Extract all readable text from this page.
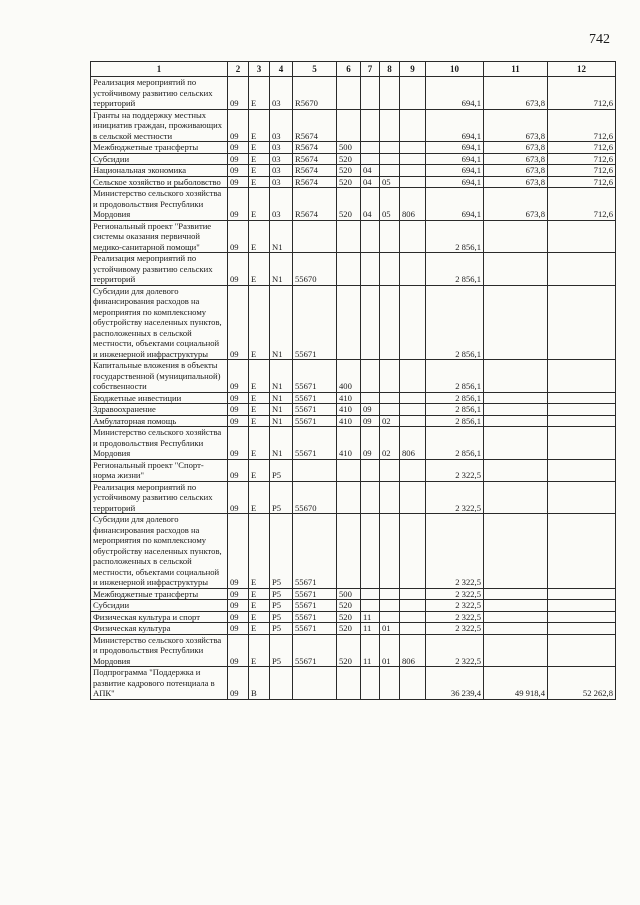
742
1	2	3	4	5	6	7	8	9	10	11	12
Реализация мероприятий по устойчивому развитию сельских территорий	09	E	03	R5670					694,1	673,8	712,6
Гранты на поддержку местных инициатив граждан, проживающих в сельской местности	09	E	03	R5674					694,1	673,8	712,6
Межбюджетные трансферты	09	E	03	R5674	500				694,1	673,8	712,6
Субсидии	09	E	03	R5674	520				694,1	673,8	712,6
Национальная экономика	09	E	03	R5674	520	04			694,1	673,8	712,6
Сельское хозяйство и рыболовство	09	E	03	R5674	520	04	05		694,1	673,8	712,6
Министерство сельского хозяйства и продовольствия Республики Мордовия	09	E	03	R5674	520	04	05	806	694,1	673,8	712,6
Региональный проект "Развитие системы оказания первичной медико-санитарной помощи"	09	E	N1						2 856,1		
Реализация мероприятий по устойчивому развитию сельских территорий	09	E	N1	55670					2 856,1		
Субсидии для долевого финансирования расходов на мероприятия по комплексному обустройству населенных пунктов, расположенных в сельской местности, объектами социальной и инженерной инфраструктуры	09	E	N1	55671					2 856,1		
Капитальные вложения в объекты государственной (муниципальной) собственности	09	E	N1	55671	400				2 856,1		
Бюджетные инвестиции	09	E	N1	55671	410				2 856,1		
Здравоохранение	09	E	N1	55671	410	09			2 856,1		
Амбулаторная помощь	09	E	N1	55671	410	09	02		2 856,1		
Министерство сельского хозяйства и продовольствия Республики Мордовия	09	E	N1	55671	410	09	02	806	2 856,1		
Региональный проект "Спорт-норма жизни"	09	E	P5						2 322,5		
Реализация мероприятий по устойчивому развитию сельских территорий	09	E	P5	55670					2 322,5		
Субсидии для долевого финансирования расходов на мероприятия по комплексному обустройству населенных пунктов, расположенных в сельской местности, объектами социальной и инженерной инфраструктуры	09	E	P5	55671					2 322,5		
Межбюджетные трансферты	09	E	P5	55671	500				2 322,5		
Субсидии	09	E	P5	55671	520				2 322,5		
Физическая культура и спорт	09	E	P5	55671	520	11			2 322,5		
Физическая культура	09	E	P5	55671	520	11	01		2 322,5		
Министерство сельского хозяйства и продовольствия Республики Мордовия	09	E	P5	55671	520	11	01	806	2 322,5		
Подпрограмма "Поддержка и развитие кадрового потенциала в АПК"	09	B							36 239,4	49 918,4	52 262,8
